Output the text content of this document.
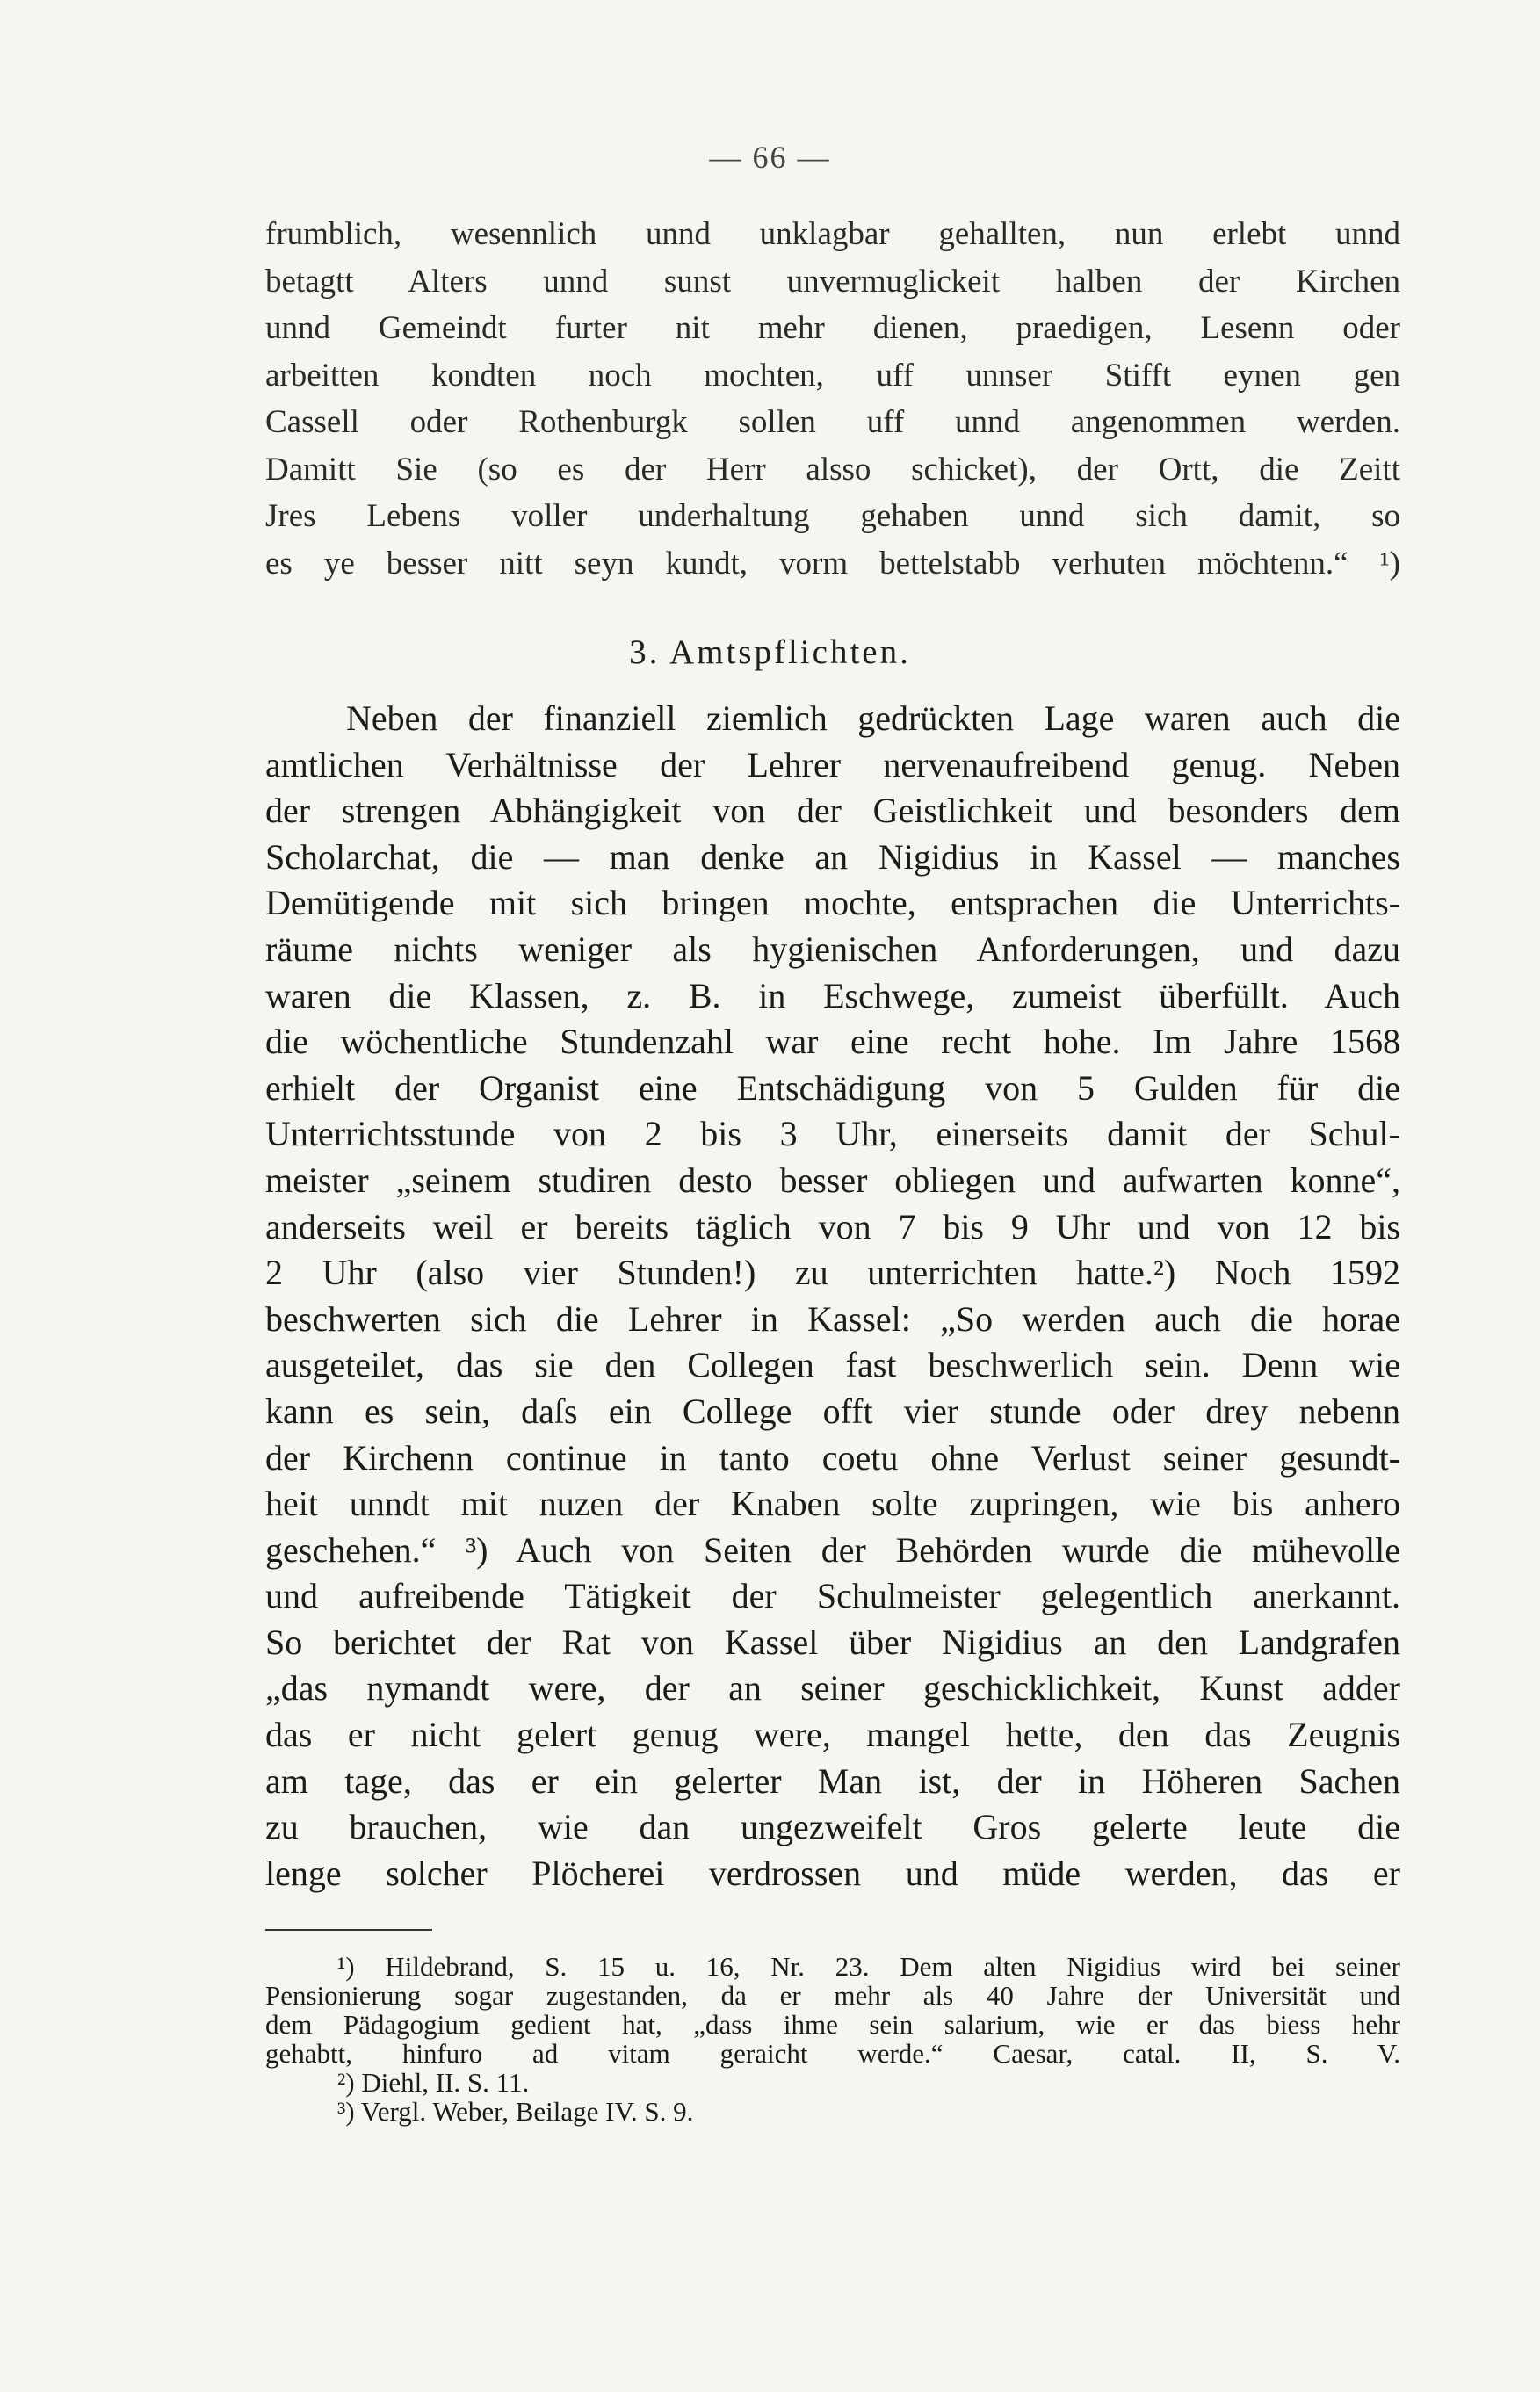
— 66 —
frumblich, wesennlich unnd unklagbar gehallten, nun erlebt unnd
betagtt Alters unnd sunst unvermuglickeit halben der Kirchen
unnd Gemeindt furter nit mehr dienen, praedigen, Lesenn oder
arbeitten kondten noch mochten, uff unnser Stifft eynen gen
Cassell oder Rothenburgk sollen uff unnd angenommen werden.
Damitt Sie (so es der Herr alsso schicket), der Ortt, die Zeitt
Jres Lebens voller underhaltung gehaben unnd sich damit, so
es ye besser nitt seyn kundt, vorm bettelstabb verhuten möchtenn.“ ¹)
3. Amtspflichten.
Neben der finanziell ziemlich gedrückten Lage waren auch die
amtlichen Verhältnisse der Lehrer nervenaufreibend genug. Neben
der strengen Abhängigkeit von der Geistlichkeit und besonders dem
Scholarchat, die — man denke an Nigidius in Kassel — manches
Demütigende mit sich bringen mochte, entsprachen die Unterrichts-
räume nichts weniger als hygienischen Anforderungen, und dazu
waren die Klassen, z. B. in Eschwege, zumeist überfüllt. Auch
die wöchentliche Stundenzahl war eine recht hohe. Im Jahre 1568
erhielt der Organist eine Entschädigung von 5 Gulden für die
Unterrichtsstunde von 2 bis 3 Uhr, einerseits damit der Schul-
meister „seinem studiren desto besser obliegen und aufwarten konne“,
anderseits weil er bereits täglich von 7 bis 9 Uhr und von 12 bis
2 Uhr (also vier Stunden!) zu unterrichten hatte.²) Noch 1592
beschwerten sich die Lehrer in Kassel: „So werden auch die horae
ausgeteilet, das sie den Collegen fast beschwerlich sein. Denn wie
kann es sein, daſs ein College offt vier stunde oder drey nebenn
der Kirchenn continue in tanto coetu ohne Verlust seiner gesundt-
heit unndt mit nuzen der Knaben solte zupringen, wie bis anhero
geschehen.“ ³) Auch von Seiten der Behörden wurde die mühevolle
und aufreibende Tätigkeit der Schulmeister gelegentlich anerkannt.
So berichtet der Rat von Kassel über Nigidius an den Landgrafen
„das nymandt were, der an seiner geschicklichkeit, Kunst adder
das er nicht gelert genug were, mangel hette, den das Zeugnis
am tage, das er ein gelerter Man ist, der in Höheren Sachen
zu brauchen, wie dan ungezweifelt Gros gelerte leute die
lenge solcher Plöcherei verdrossen und müde werden, das er
¹) Hildebrand, S. 15 u. 16, Nr. 23. Dem alten Nigidius wird bei seiner
Pensionierung sogar zugestanden, da er mehr als 40 Jahre der Universität und
dem Pädagogium gedient hat, „dass ihme sein salarium, wie er das biess hehr
gehabtt, hinfuro ad vitam geraicht werde.“ Caesar, catal. II, S. V.
²) Diehl, II. S. 11.
³) Vergl. Weber, Beilage IV. S. 9.
